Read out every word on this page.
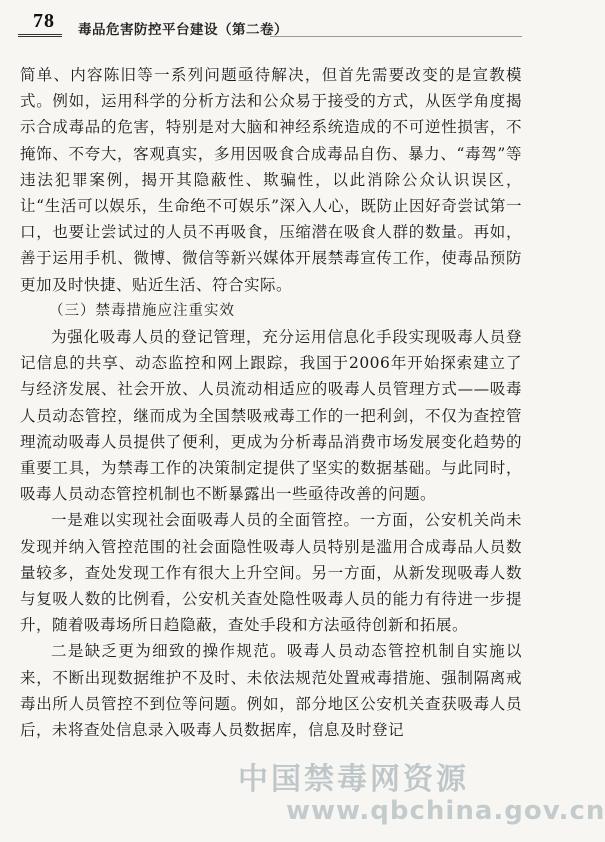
78 毒品危害防控平台建设（第二卷）

简单、内容陈旧等一系列问题亟待解决，但首先需要改变的是宣教模式。例如，运用科学的分析方法和公众易于接受的方式，从医学角度揭示合成毒品的危害，特别是对大脑和神经系统造成的不可逆性损害，不掩饰、不夸大，客观真实，多用因吸食合成毒品自伤、暴力、“毒驾”等违法犯罪案例，揭开其隐蔽性、欺骗性，以此消除公众认识误区，让“生活可以娱乐，生命绝不可娱乐”深入人心，既防止因好奇尝试第一口，也要让尝试过的人员不再吸食，压缩潜在吸食人群的数量。再如，善于运用手机、微博、微信等新兴媒体开展禁毒宣传工作，使毒品预防更加及时快捷、贴近生活、符合实际。

（三）禁毒措施应注重实效

为强化吸毒人员的登记管理，充分运用信息化手段实现吸毒人员登记信息的共享、动态监控和网上跟踪，我国于2006年开始探索建立了与经济发展、社会开放、人员流动相适应的吸毒人员管理方式——吸毒人员动态管控，继而成为全国禁吸戒毒工作的一把利剑，不仅为查控管理流动吸毒人员提供了便利，更成为分析毒品消费市场发展变化趋势的重要工具，为禁毒工作的决策制定提供了坚实的数据基础。与此同时，吸毒人员动态管控机制也不断暴露出一些亟待改善的问题。

一是难以实现社会面吸毒人员的全面管控。一方面，公安机关尚未发现并纳入管控范围的社会面隐性吸毒人员特别是滥用合成毒品人员数量较多，查处发现工作有很大上升空间。另一方面，从新发现吸毒人数与复吸人数的比例看，公安机关查处隐性吸毒人员的能力有待进一步提升，随着吸毒场所日趋隐蔽，查处手段和方法亟待创新和拓展。

二是缺乏更为细致的操作规范。吸毒人员动态管控机制自实施以来，不断出现数据维护不及时、未依法规范处置戒毒措施、强制隔离戒毒出所人员管控不到位等问题。例如，部分地区公安机关查获吸毒人员后，未将查处信息录入吸毒人员数据库，信息及时登记

中国禁毒网资源
www.qbchina.gov.cn
